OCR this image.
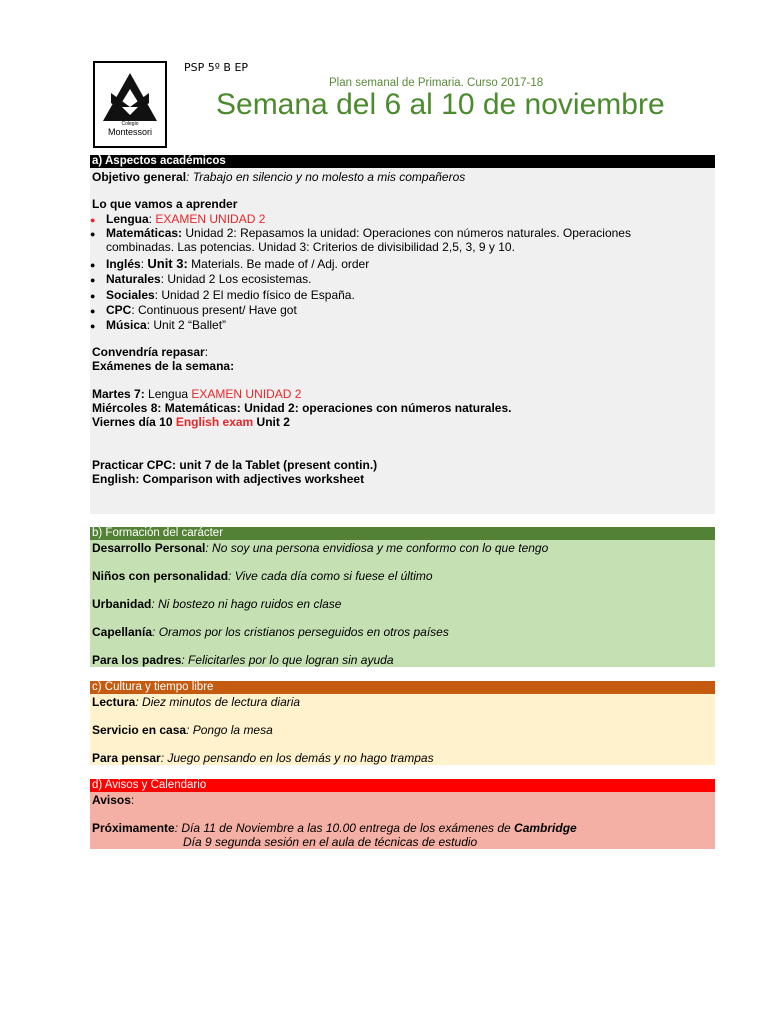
Colegio
Montessori
PSP 5º B EP
Plan semanal de Primaria. Curso 2017-18
Semana del 6 al 10 de noviembre
a) Aspectos académicos
Objetivo general: Trabajo en silencio y no molesto a mis compañeros
Lo que vamos a aprender
Lengua: EXAMEN UNIDAD 2
●
Matemáticas: Unidad 2: Repasamos la unidad: Operaciones con números naturales. Operaciones
●
combinadas. Las potencias. Unidad 3: Criterios de divisibilidad 2,5, 3, 9 y 10.
Inglés: Unit 3: Materials. Be made of / Adj. order
●
Naturales: Unidad 2 Los ecosistemas.
●
Sociales: Unidad 2 El medio físico de España.
●
CPC: Continuous present/ Have got
●
Música: Unit 2 “Ballet”
●
Convendría repasar:
Exámenes de la semana:
Martes 7: Lengua EXAMEN UNIDAD 2
Miércoles 8: Matemáticas: Unidad 2: operaciones con números naturales.
Viernes día 10 English exam Unit 2
Practicar CPC: unit 7 de la Tablet (present contin.)
English: Comparison with adjectives worksheet
b) Formación del carácter
Desarrollo Personal: No soy una persona envidiosa y me conformo con lo que tengo
Niños con personalidad: Vive cada día como si fuese el último
Urbanidad: Ni bostezo ni hago ruidos en clase
Capellanía: Oramos por los cristianos perseguidos en otros países
Para los padres: Felicitarles por lo que logran sin ayuda
c) Cultura y tiempo libre
Lectura: Diez minutos de lectura diaria
Servicio en casa: Pongo la mesa
Para pensar: Juego pensando en los demás y no hago trampas
d) Avisos y Calendario
Avisos:
Próximamente: Día 11 de Noviembre a las 10.00 entrega de los exámenes de Cambridge
Día 9 segunda sesión en el aula de técnicas de estudio
